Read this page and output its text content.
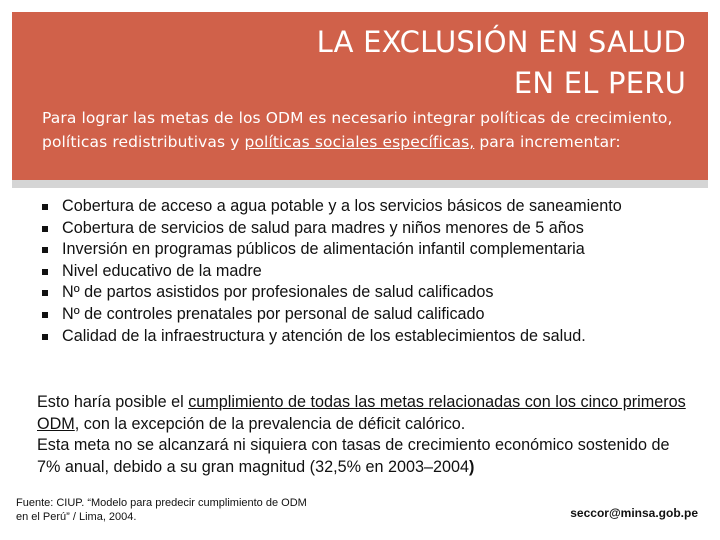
LA EXCLUSIÓN EN SALUD
EN EL PERU

Para lograr las metas de los ODM es necesario integrar políticas de crecimiento, políticas redistributivas y políticas sociales específicas, para incrementar:

Cobertura de acceso a agua potable y a los servicios básicos de saneamiento
Cobertura de servicios de salud para madres y niños menores de 5 años
Inversión en programas públicos de alimentación infantil complementaria
Nivel educativo de la madre
Nº de partos asistidos por profesionales de salud calificados
Nº de controles prenatales por personal de salud calificado
Calidad de la infraestructura y atención de los establecimientos de salud.

Esto haría posible el cumplimiento de todas las metas relacionadas con los cinco primeros ODM, con la excepción de la prevalencia de déficit calórico.

Esta meta no se alcanzará ni siquiera con tasas de crecimiento económico sostenido de 7% anual, debido a su gran magnitud (32,5% en 2003–2004)

Fuente: CIUP. “Modelo para predecir cumplimiento de ODM
en el Perú” / Lima, 2004.	seccor@minsa.gob.pe
